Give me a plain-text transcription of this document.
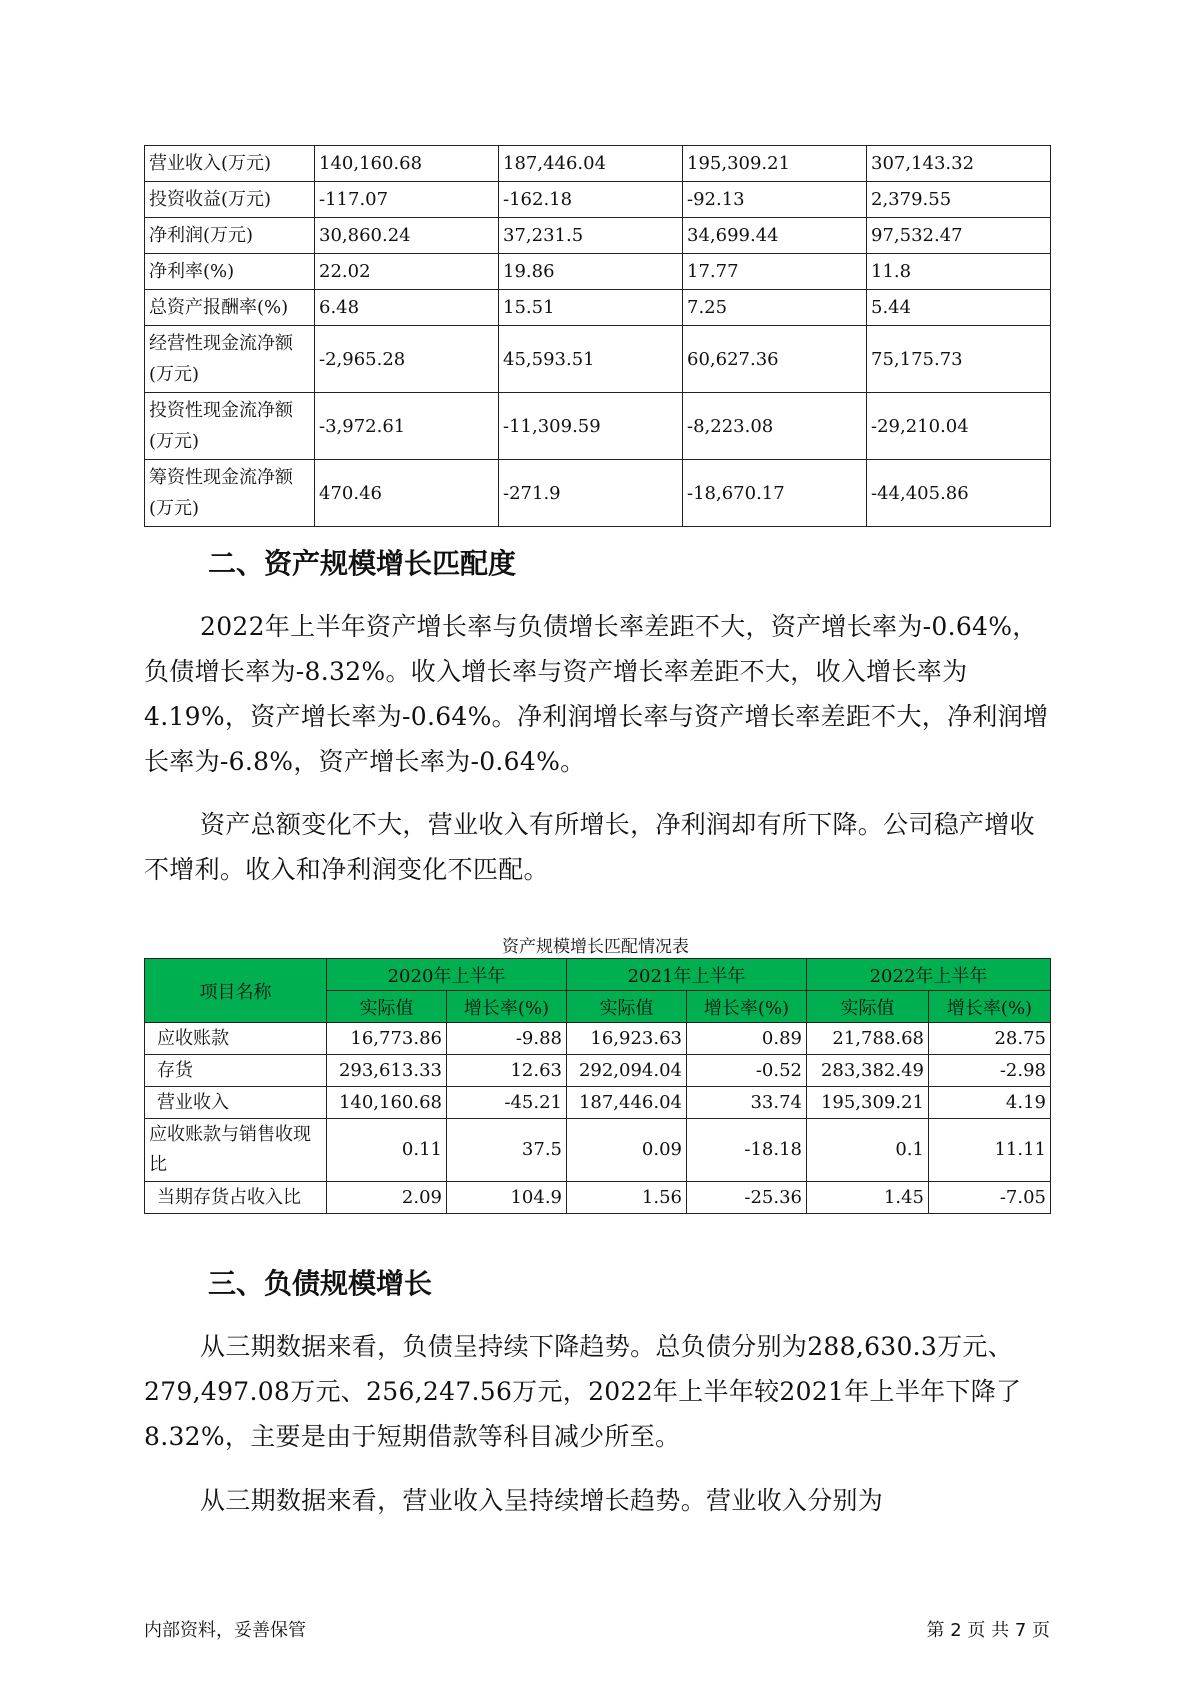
营业收入(万元)	140,160.68	187,446.04	195,309.21	307,143.32
投资收益(万元)	-117.07	-162.18	-92.13	2,379.55
净利润(万元)	30,860.24	37,231.5	34,699.44	97,532.47
净利率(%)	22.02	19.86	17.77	11.8
总资产报酬率(%)	6.48	15.51	7.25	5.44
经营性现金流净额(万元)	-2,965.28	45,593.51	60,627.36	75,175.73
投资性现金流净额(万元)	-3,972.61	-11,309.59	-8,223.08	-29,210.04
筹资性现金流净额(万元)	470.46	-271.9	-18,670.17	-44,405.86
二、资产规模增长匹配度
2022年上半年资产增长率与负债增长率差距不大，资产增长率为-0.64%，负债增长率为-8.32%。收入增长率与资产增长率差距不大，收入增长率为4.19%，资产增长率为-0.64%。净利润增长率与资产增长率差距不大，净利润增长率为-6.8%，资产增长率为-0.64%。
资产总额变化不大，营业收入有所增长，净利润却有所下降。公司稳产增收不增利。收入和净利润变化不匹配。
资产规模增长匹配情况表
项目名称	2020年上半年		2021年上半年		2022年上半年	
	实际值	增长率(%)	实际值	增长率(%)	实际值	增长率(%)
应收账款	16,773.86	-9.88	16,923.63	0.89	21,788.68	28.75
存货	293,613.33	12.63	292,094.04	-0.52	283,382.49	-2.98
营业收入	140,160.68	-45.21	187,446.04	33.74	195,309.21	4.19
应收账款与销售收现比	0.11	37.5	0.09	-18.18	0.1	11.11
当期存货占收入比	2.09	104.9	1.56	-25.36	1.45	-7.05
三、负债规模增长
从三期数据来看，负债呈持续下降趋势。总负债分别为288,630.3万元、279,497.08万元、256,247.56万元，2022年上半年较2021年上半年下降了8.32%，主要是由于短期借款等科目减少所至。
从三期数据来看，营业收入呈持续增长趋势。营业收入分别为
内部资料，妥善保管	第 2 页 共 7 页
